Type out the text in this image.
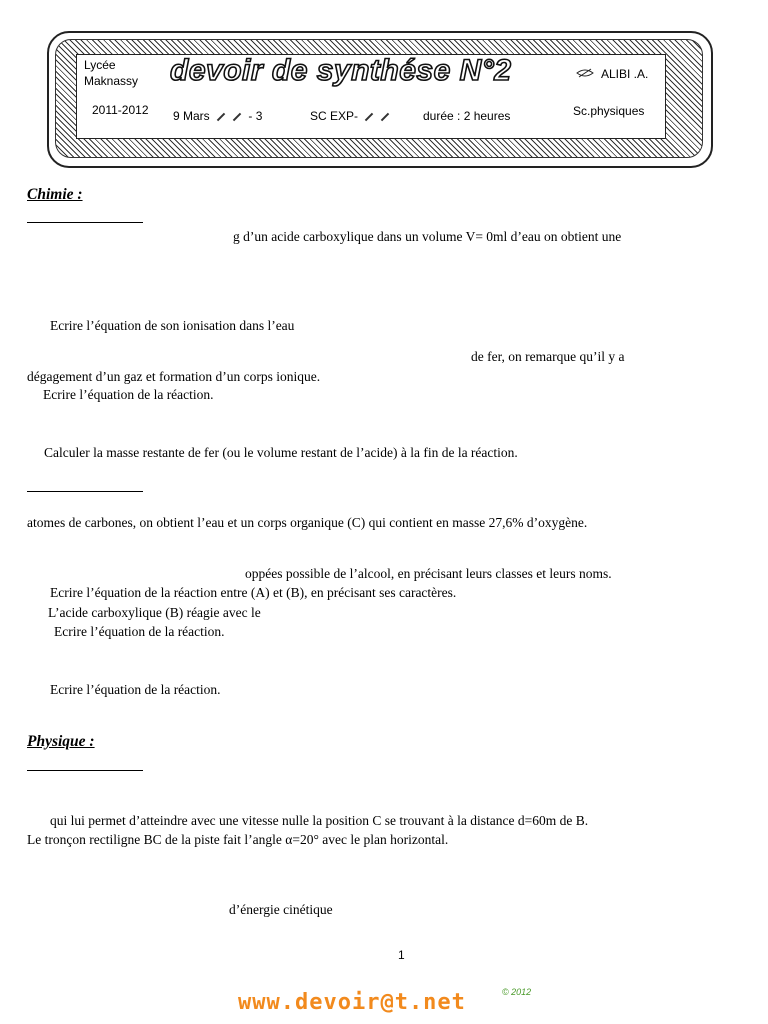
Lycée
Maknassy devoir de synthése N°2	ALIBI .A.
2011-2012 9 Mars	- 3	SC EXP-	durée : 2 heures	Sc.physiques
Chimie :
g d’un acide carboxylique dans un volume V= 0ml d’eau on obtient une
Ecrire l’équation de son ionisation dans l’eau
de fer, on remarque qu’il y a
dégagement d’un gaz et formation d’un corps ionique.
Ecrire l’équation de la réaction.
Calculer la masse restante de fer (ou le volume restant de l’acide) à la fin de la réaction.
atomes de carbones, on obtient l’eau et un corps organique (C) qui contient en masse 27,6% d’oxygène.
oppées possible de l’alcool, en précisant leurs classes et leurs noms.
Ecrire l’équation de la réaction entre (A) et (B), en précisant ses caractères.
L’acide carboxylique (B) réagie avec le
Ecrire l’équation de la réaction.
Ecrire l’équation de la réaction.
Physique :
qui lui permet d’atteindre avec une vitesse nulle la position C se trouvant à la distance d=60m de B.
Le tronçon rectiligne BC de la piste fait l’angle α=20° avec le plan horizontal.
d’énergie cinétique
1
www.devoir@t.net	© 2012
